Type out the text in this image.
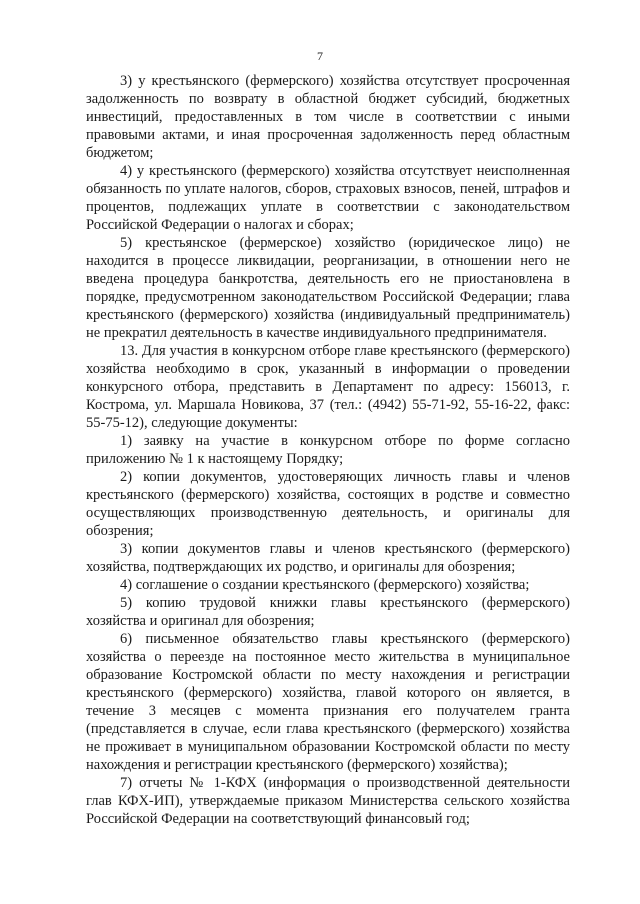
7

3) у крестьянского (фермерского) хозяйства отсутствует просроченная задолженность по возврату в областной бюджет субсидий, бюджетных инвестиций, предоставленных в том числе в соответствии с иными правовыми актами, и иная просроченная задолженность перед областным бюджетом;

4) у крестьянского (фермерского) хозяйства отсутствует неисполненная обязанность по уплате налогов, сборов, страховых взносов, пеней, штрафов и процентов, подлежащих уплате в соответствии с законодательством Российской Федерации о налогах и сборах;

5) крестьянское (фермерское) хозяйство (юридическое лицо) не находится в процессе ликвидации, реорганизации, в отношении него не введена процедура банкротства, деятельность его не приостановлена в порядке, предусмотренном законодательством Российской Федерации; глава крестьянского (фермерского) хозяйства (индивидуальный предприниматель) не прекратил деятельность в качестве индивидуального предпринимателя.

13. Для участия в конкурсном отборе главе крестьянского (фермерского) хозяйства необходимо в срок, указанный в информации о проведении конкурсного отбора, представить в Департамент по адресу: 156013, г. Кострома, ул. Маршала Новикова, 37 (тел.: (4942) 55-71-92, 55-16-22, факс: 55-75-12), следующие документы:

1) заявку на участие в конкурсном отборе по форме согласно приложению № 1 к настоящему Порядку;

2) копии документов, удостоверяющих личность главы и членов крестьянского (фермерского) хозяйства, состоящих в родстве и совместно осуществляющих производственную деятельность, и оригиналы для обозрения;

3) копии документов главы и членов крестьянского (фермерского) хозяйства, подтверждающих их родство, и оригиналы для обозрения;

4) соглашение о создании крестьянского (фермерского) хозяйства;

5) копию трудовой книжки главы крестьянского (фермерского) хозяйства и оригинал для обозрения;

6) письменное обязательство главы крестьянского (фермерского) хозяйства о переезде на постоянное место жительства в муниципальное образование Костромской области по месту нахождения и регистрации крестьянского (фермерского) хозяйства, главой которого он является, в течение 3 месяцев с момента признания его получателем гранта (представляется в случае, если глава крестьянского (фермерского) хозяйства не проживает в муниципальном образовании Костромской области по месту нахождения и регистрации крестьянского (фермерского) хозяйства);

7) отчеты № 1-КФХ (информация о производственной деятельности глав КФХ-ИП), утверждаемые приказом Министерства сельского хозяйства Российской Федерации на соответствующий финансовый год;
